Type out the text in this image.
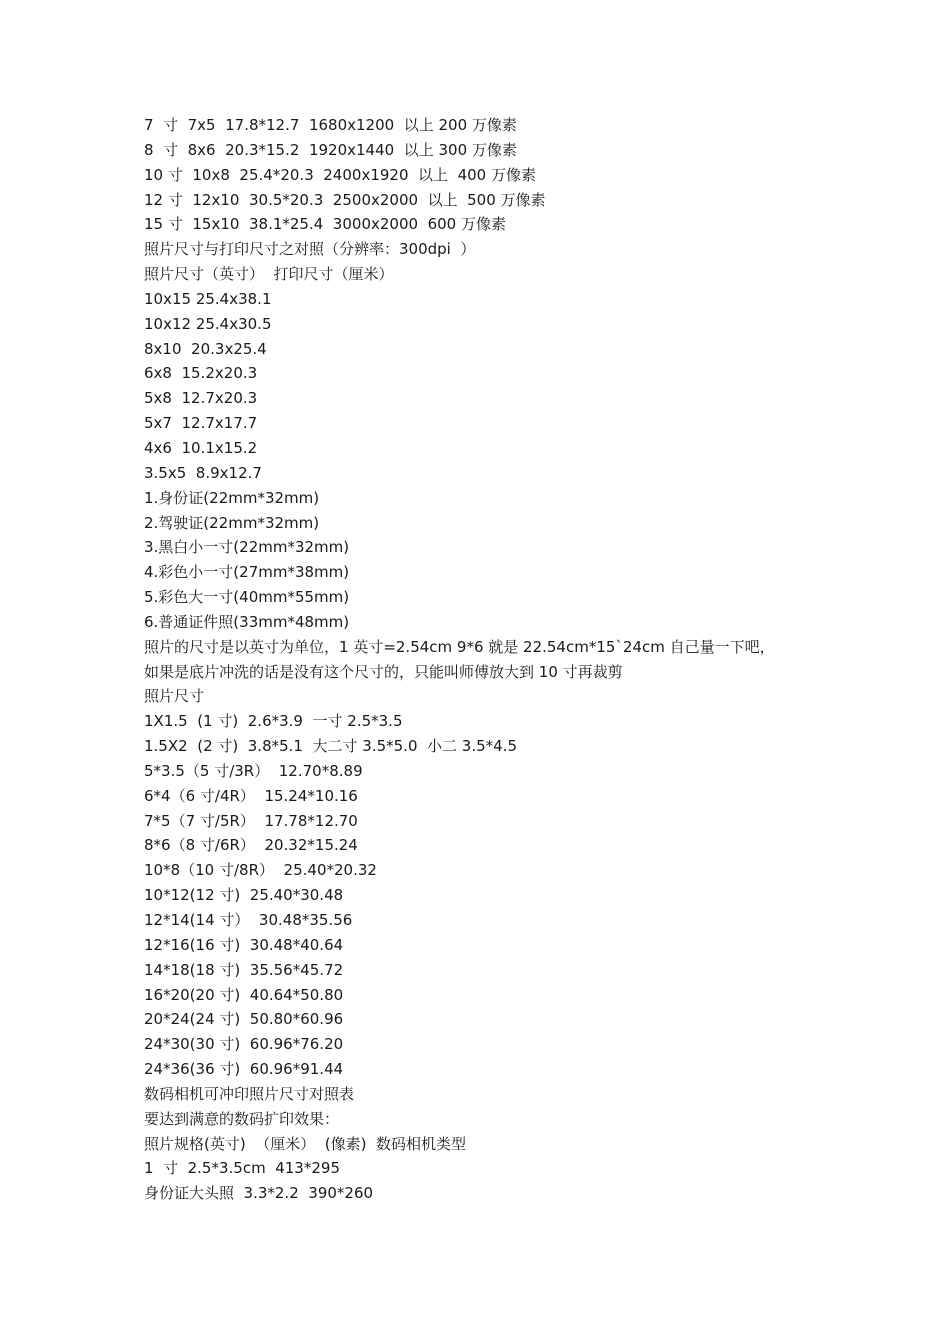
7  寸  7x5  17.8*12.7  1680x1200  以上 200 万像素
8  寸  8x6  20.3*15.2  1920x1440  以上 300 万像素
10 寸  10x8  25.4*20.3  2400x1920  以上  400 万像素
12 寸  12x10  30.5*20.3  2500x2000  以上  500 万像素
15 寸  15x10  38.1*25.4  3000x2000  600 万像素
照片尺寸与打印尺寸之对照（分辨率：300dpi  ）
照片尺寸（英寸）  打印尺寸（厘米）
10x15 25.4x38.1
10x12 25.4x30.5
8x10  20.3x25.4
6x8  15.2x20.3
5x8  12.7x20.3
5x7  12.7x17.7
4x6  10.1x15.2
3.5x5  8.9x12.7
1.身份证(22mm*32mm)
2.驾驶证(22mm*32mm)
3.黑白小一寸(22mm*32mm)
4.彩色小一寸(27mm*38mm)
5.彩色大一寸(40mm*55mm)
6.普通证件照(33mm*48mm)
照片的尺寸是以英寸为单位，1 英寸=2.54cm 9*6 就是 22.54cm*15`24cm 自己量一下吧，
如果是底片冲洗的话是没有这个尺寸的，只能叫师傅放大到 10 寸再裁剪
照片尺寸
1X1.5  (1 寸)  2.6*3.9  一寸 2.5*3.5
1.5X2  (2 寸)  3.8*5.1  大二寸 3.5*5.0  小二 3.5*4.5
5*3.5（5 寸/3R）  12.70*8.89
6*4（6 寸/4R）  15.24*10.16
7*5（7 寸/5R）  17.78*12.70
8*6（8 寸/6R）  20.32*15.24
10*8（10 寸/8R）  25.40*20.32
10*12(12 寸)  25.40*30.48
12*14(14 寸）  30.48*35.56
12*16(16 寸)  30.48*40.64
14*18(18 寸)  35.56*45.72
16*20(20 寸)  40.64*50.80
20*24(24 寸)  50.80*60.96
24*30(30 寸)  60.96*76.20
24*36(36 寸)  60.96*91.44
数码相机可冲印照片尺寸对照表
要达到满意的数码扩印效果：
照片规格(英寸)  （厘米）  (像素)  数码相机类型
1  寸  2.5*3.5cm  413*295
身份证大头照  3.3*2.2  390*260
